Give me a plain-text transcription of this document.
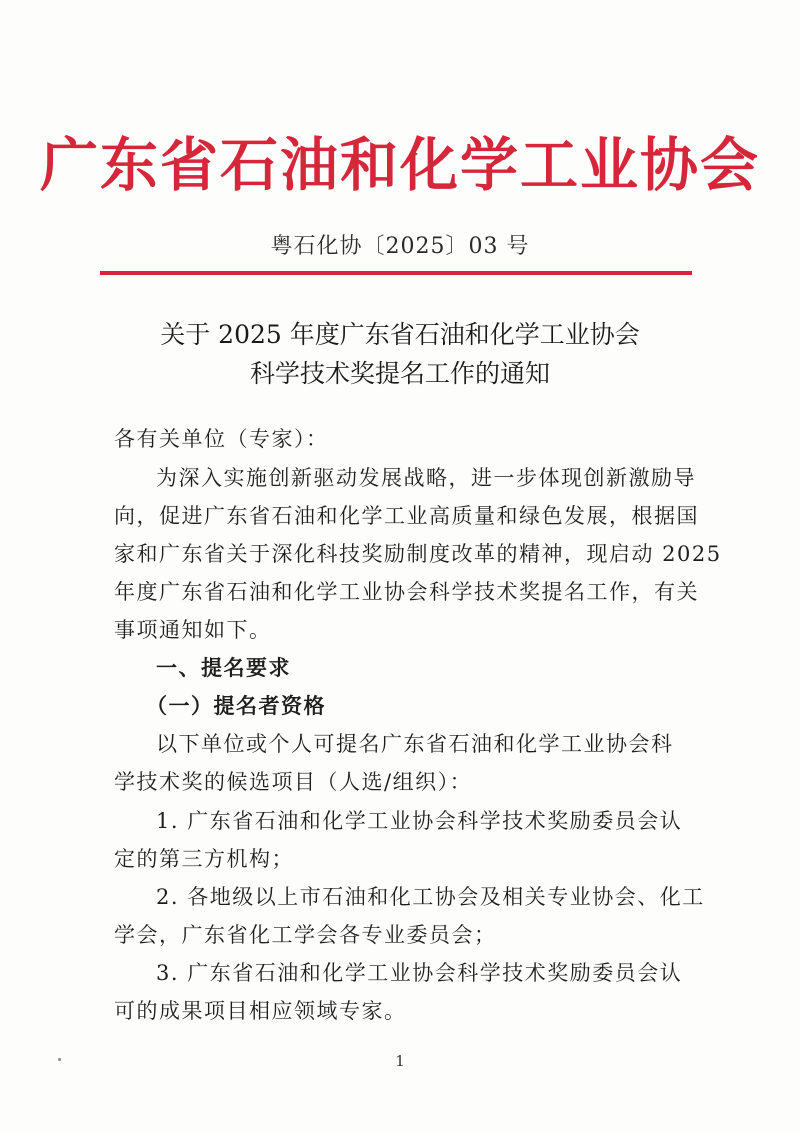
广东省石油和化学工业协会
粤石化协〔2025〕03 号
关于 2025 年度广东省石油和化学工业协会
科学技术奖提名工作的通知
各有关单位（专家）：
为深入实施创新驱动发展战略，进一步体现创新激励导
向，促进广东省石油和化学工业高质量和绿色发展，根据国
家和广东省关于深化科技奖励制度改革的精神，现启动 2025
年度广东省石油和化学工业协会科学技术奖提名工作，有关
事项通知如下。
一、提名要求
（一）提名者资格
以下单位或个人可提名广东省石油和化学工业协会科
学技术奖的候选项目（人选/组织）：
1. 广东省石油和化学工业协会科学技术奖励委员会认
定的第三方机构；
2. 各地级以上市石油和化工协会及相关专业协会、化工
学会，广东省化工学会各专业委员会；
3. 广东省石油和化学工业协会科学技术奖励委员会认
可的成果项目相应领域专家。
1
